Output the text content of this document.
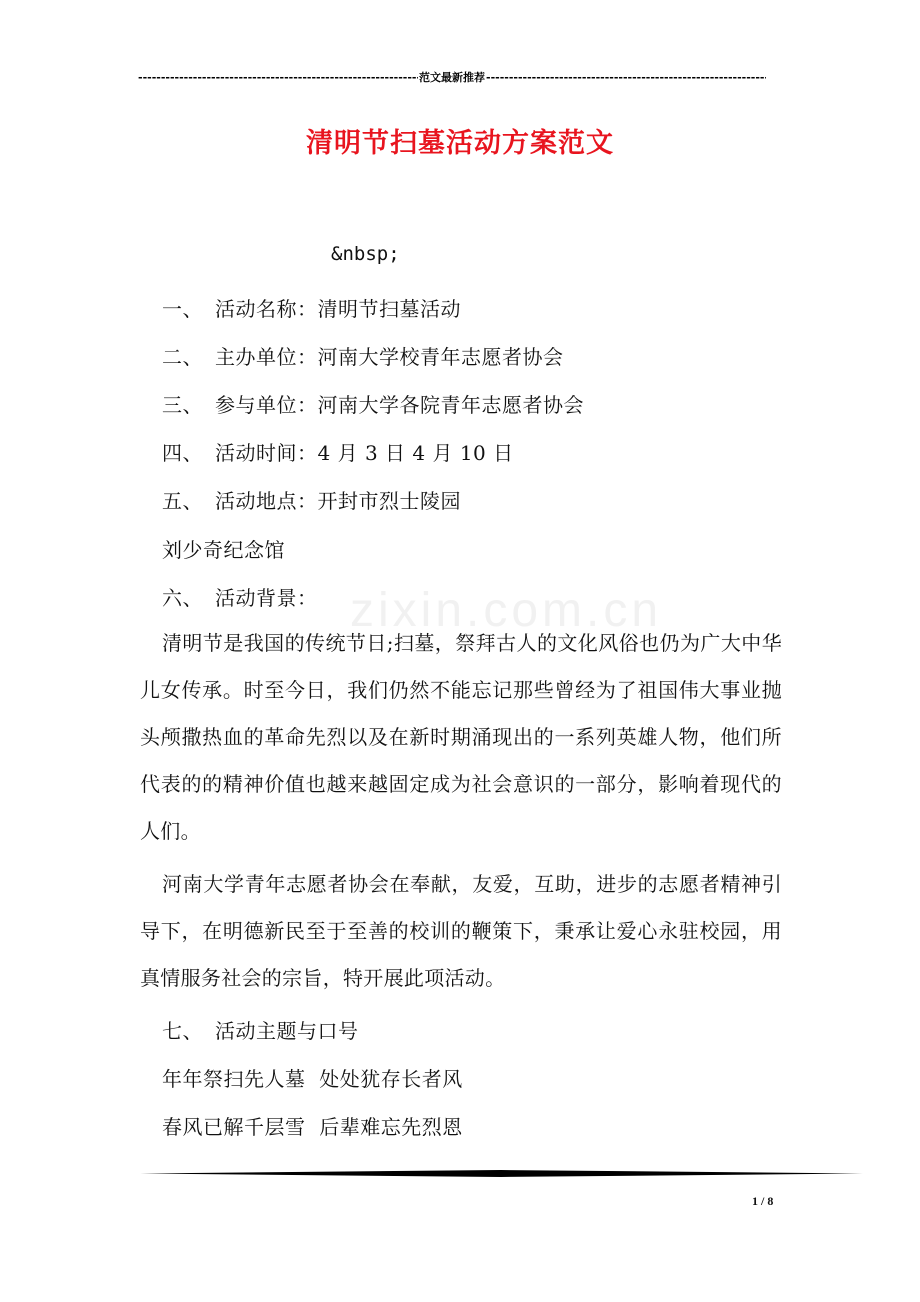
-----
范文最新推荐
-----
清明节扫墓活动方案范文
&nbsp;
一、 活动名称：清明节扫墓活动
二、 主办单位：河南大学校青年志愿者协会
三、 参与单位：河南大学各院青年志愿者协会
四、 活动时间：4 月 3 日 4 月 10 日
五、 活动地点：开封市烈士陵园
刘少奇纪念馆
六、 活动背景： zixin.com.cn
清明节是我国的传统节日;扫墓，祭拜古人的文化风俗也仍为广大中华儿女传承。时至今日，我们仍然不能忘记那些曾经为了祖国伟大事业抛头颅撒热血的革命先烈以及在新时期涌现出的一系列英雄人物，他们所代表的的精神价值也越来越固定成为社会意识的一部分，影响着现代的人们。
河南大学青年志愿者协会在奉献，友爱，互助，进步的志愿者精神引导下，在明德新民至于至善的校训的鞭策下，秉承让爱心永驻校园，用真情服务社会的宗旨，特开展此项活动。
七、 活动主题与口号
年年祭扫先人墓  处处犹存长者风
春风已解千层雪  后辈难忘先烈恩
1 / 8
